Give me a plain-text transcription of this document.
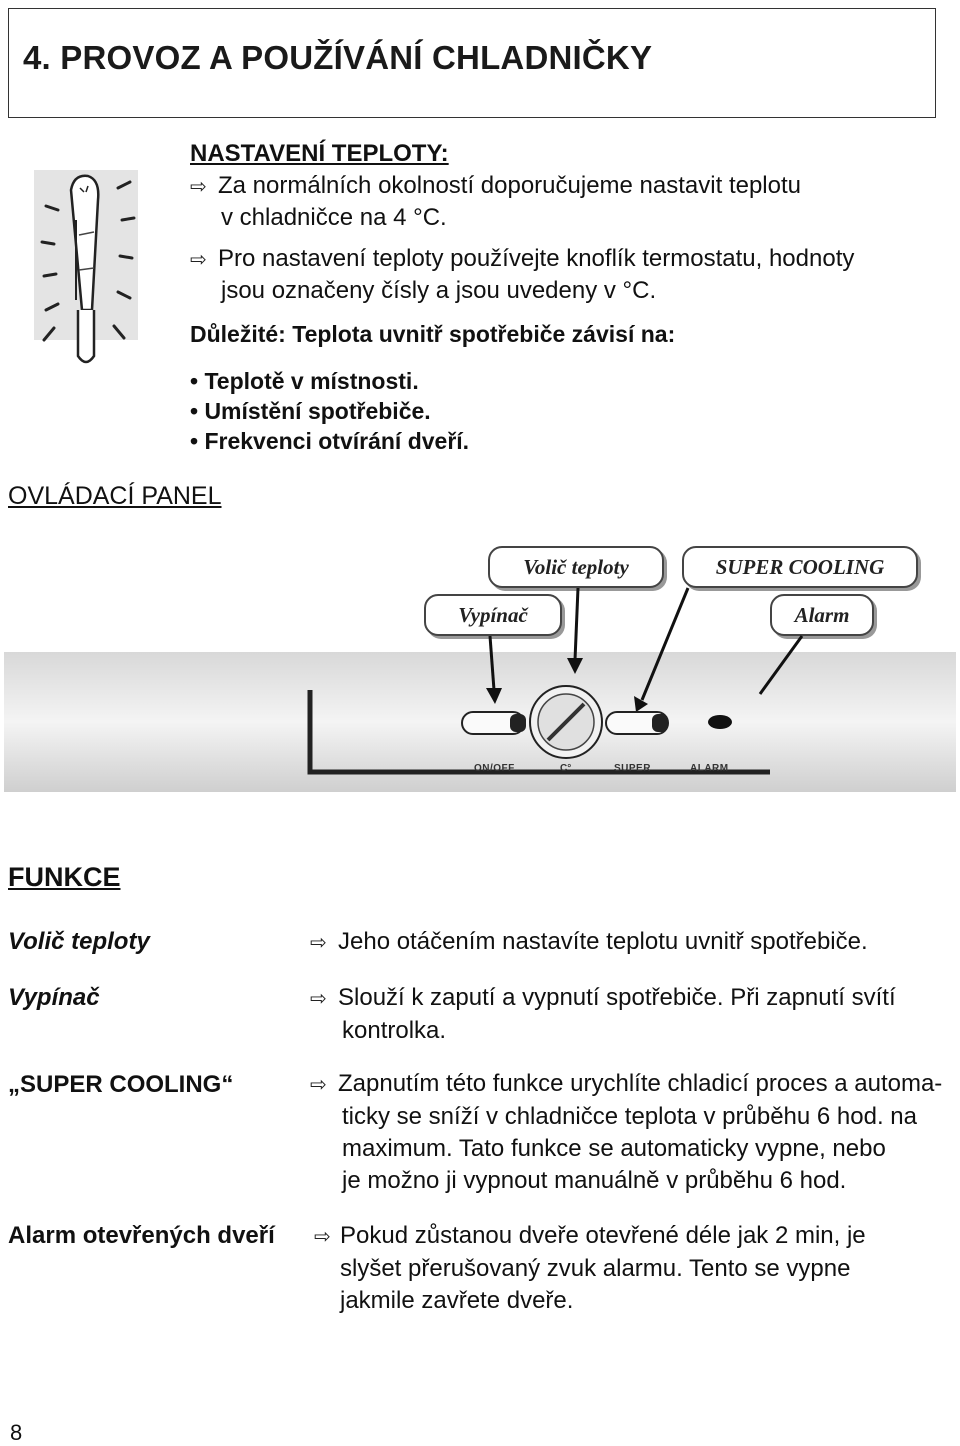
4. PROVOZ A POUŽÍVÁNÍ CHLADNIČKY
NASTAVENÍ TEPLOTY:
⇨ Za normálních okolností doporučujeme nastavit teplotu
v chladničce na 4 °C.
⇨ Pro nastavení teploty používejte knoflík termostatu, hodnoty
jsou označeny čísly a jsou uvedeny v °C.
Důležité: Teplota uvnitř spotřebiče závisí na:
• Teplotě v místnosti.
• Umístění spotřebiče.
• Frekvenci otvírání dveří.
OVLÁDACÍ PANEL
Volič teploty	SUPER COOLING
Vypínač	Alarm
ON/OFF	C°	SUPER	ALARM
FUNKCE
Volič teploty	⇨ Jeho otáčením nastavíte teplotu uvnitř spotřebiče.
Vypínač	⇨ Slouží k zaputí a vypnutí spotřebiče. Při zapnutí svítí
kontrolka.
„SUPER COOLING“	⇨ Zapnutím této funkce urychlíte chladicí proces a automa-
ticky se sníží v chladničce teplota v průběhu 6 hod. na
maximum. Tato funkce se automaticky vypne, nebo
je možno ji vypnout manuálně v průběhu 6 hod.
Alarm otevřených dveří ⇨ Pokud zůstanou dveře otevřené déle jak 2 min, je
slyšet přerušovaný zvuk alarmu. Tento se vypne
jakmile zavřete dveře.
8
